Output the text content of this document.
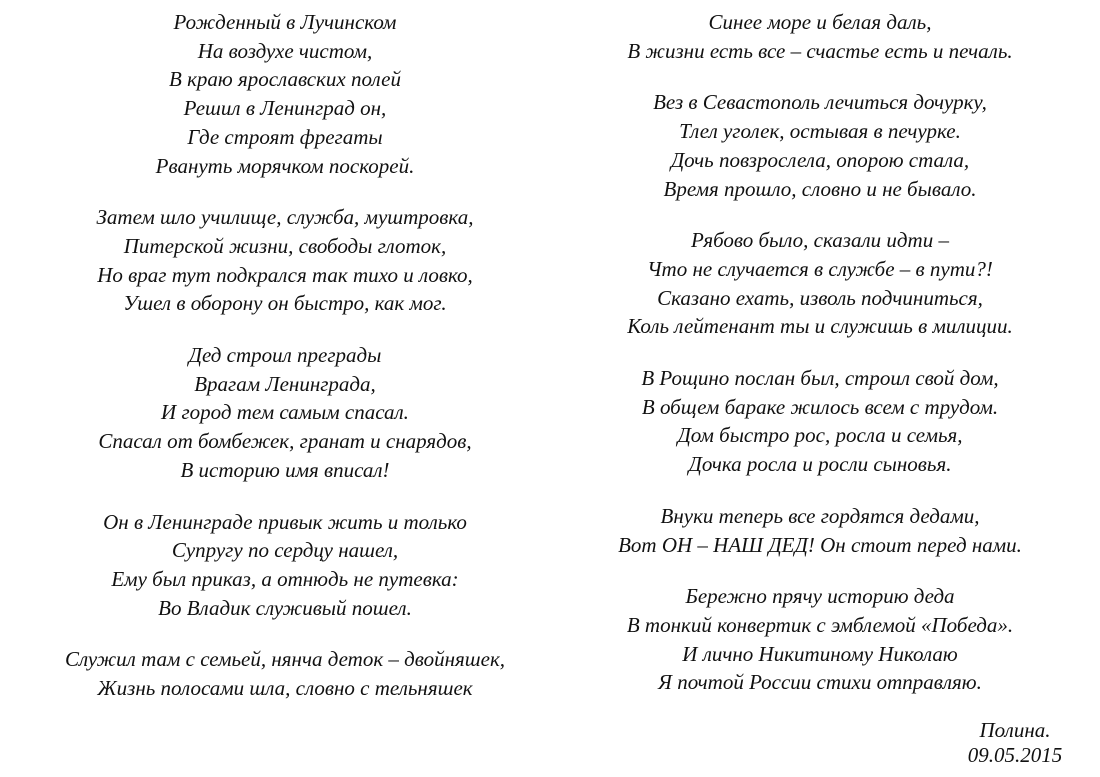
Рожденный в Лучинском
На воздухе чистом,
В краю ярославских полей
Решил в Ленинград он,
Где строят фрегаты
Рвануть морячком поскорей.
Затем шло училище, служба, муштровка,
Питерской жизни, свободы глоток,
Но враг тут подкрался так тихо и ловко,
Ушел в оборону он быстро, как мог.
Дед строил преграды
Врагам Ленинграда,
И город тем самым спасал.
Спасал от бомбежек, гранат и снарядов,
В историю имя вписал!
Он в Ленинграде привык жить и только
Супругу по сердцу нашел,
Ему был приказ, а отнюдь не путевка:
Во Владик служивый пошел.
Служил там с семьей, нянча деток – двойняшек,
Жизнь полосами шла, словно с тельняшек
Синее море и белая даль,
В жизни есть все – счастье есть и печаль.
Вез в Севастополь лечиться дочурку,
Тлел уголек, остывая в печурке.
Дочь повзрослела, опорою стала,
Время прошло, словно и не бывало.
Рябово было, сказали идти –
Что не случается в службе – в пути?!
Сказано ехать, изволь подчиниться,
Коль лейтенант ты и служишь в милиции.
В Рощино послан был, строил свой дом,
В общем бараке жилось всем с трудом.
Дом быстро рос, росла и семья,
Дочка росла и росли сыновья.
Внуки теперь все гордятся дедами,
Вот ОН – НАШ ДЕД! Он стоит перед нами.
Бережно прячу историю деда
В тонкий конвертик с эмблемой «Победа».
И лично Никитиному Николаю
Я почтой России стихи отправляю.
Полина.
09.05.2015
